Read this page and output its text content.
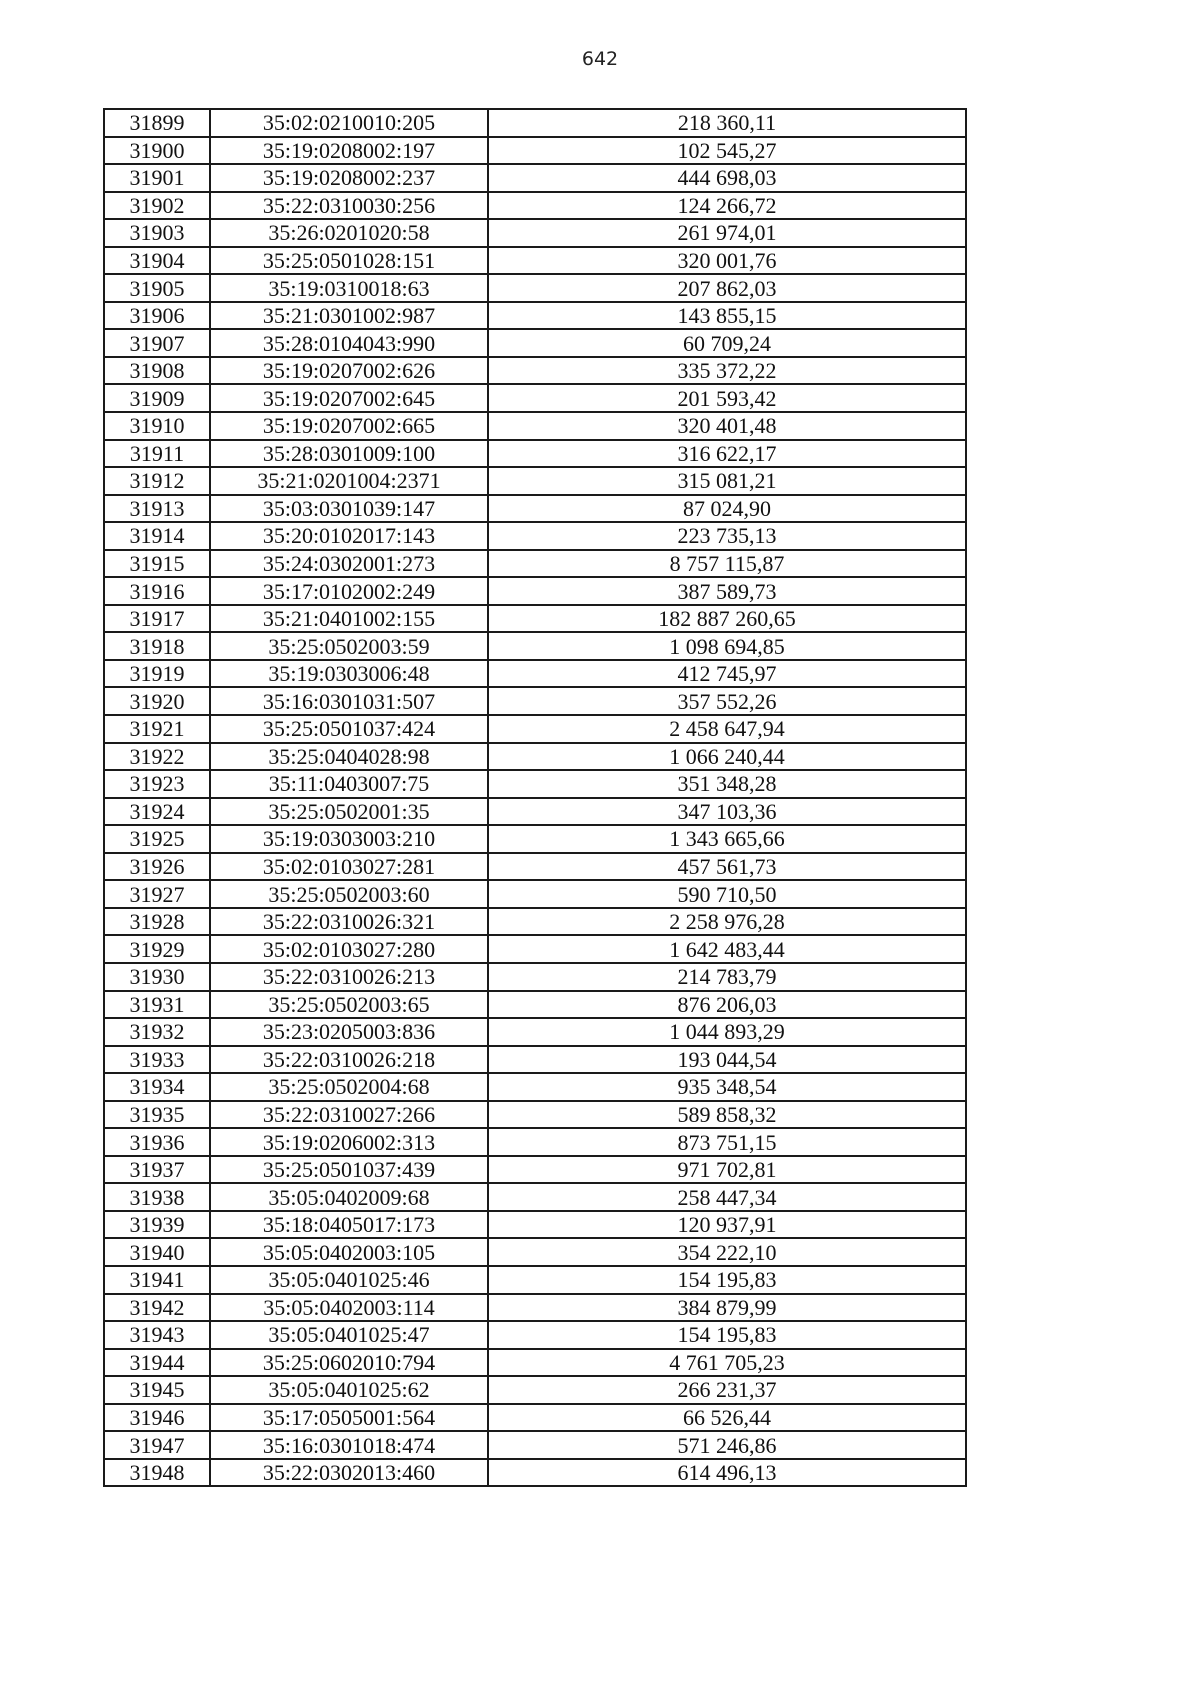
642
31899	35:02:0210010:205	218 360,11
31900	35:19:0208002:197	102 545,27
31901	35:19:0208002:237	444 698,03
31902	35:22:0310030:256	124 266,72
31903	35:26:0201020:58	261 974,01
31904	35:25:0501028:151	320 001,76
31905	35:19:0310018:63	207 862,03
31906	35:21:0301002:987	143 855,15
31907	35:28:0104043:990	60 709,24
31908	35:19:0207002:626	335 372,22
31909	35:19:0207002:645	201 593,42
31910	35:19:0207002:665	320 401,48
31911	35:28:0301009:100	316 622,17
31912	35:21:0201004:2371	315 081,21
31913	35:03:0301039:147	87 024,90
31914	35:20:0102017:143	223 735,13
31915	35:24:0302001:273	8 757 115,87
31916	35:17:0102002:249	387 589,73
31917	35:21:0401002:155	182 887 260,65
31918	35:25:0502003:59	1 098 694,85
31919	35:19:0303006:48	412 745,97
31920	35:16:0301031:507	357 552,26
31921	35:25:0501037:424	2 458 647,94
31922	35:25:0404028:98	1 066 240,44
31923	35:11:0403007:75	351 348,28
31924	35:25:0502001:35	347 103,36
31925	35:19:0303003:210	1 343 665,66
31926	35:02:0103027:281	457 561,73
31927	35:25:0502003:60	590 710,50
31928	35:22:0310026:321	2 258 976,28
31929	35:02:0103027:280	1 642 483,44
31930	35:22:0310026:213	214 783,79
31931	35:25:0502003:65	876 206,03
31932	35:23:0205003:836	1 044 893,29
31933	35:22:0310026:218	193 044,54
31934	35:25:0502004:68	935 348,54
31935	35:22:0310027:266	589 858,32
31936	35:19:0206002:313	873 751,15
31937	35:25:0501037:439	971 702,81
31938	35:05:0402009:68	258 447,34
31939	35:18:0405017:173	120 937,91
31940	35:05:0402003:105	354 222,10
31941	35:05:0401025:46	154 195,83
31942	35:05:0402003:114	384 879,99
31943	35:05:0401025:47	154 195,83
31944	35:25:0602010:794	4 761 705,23
31945	35:05:0401025:62	266 231,37
31946	35:17:0505001:564	66 526,44
31947	35:16:0301018:474	571 246,86
31948	35:22:0302013:460	614 496,13
